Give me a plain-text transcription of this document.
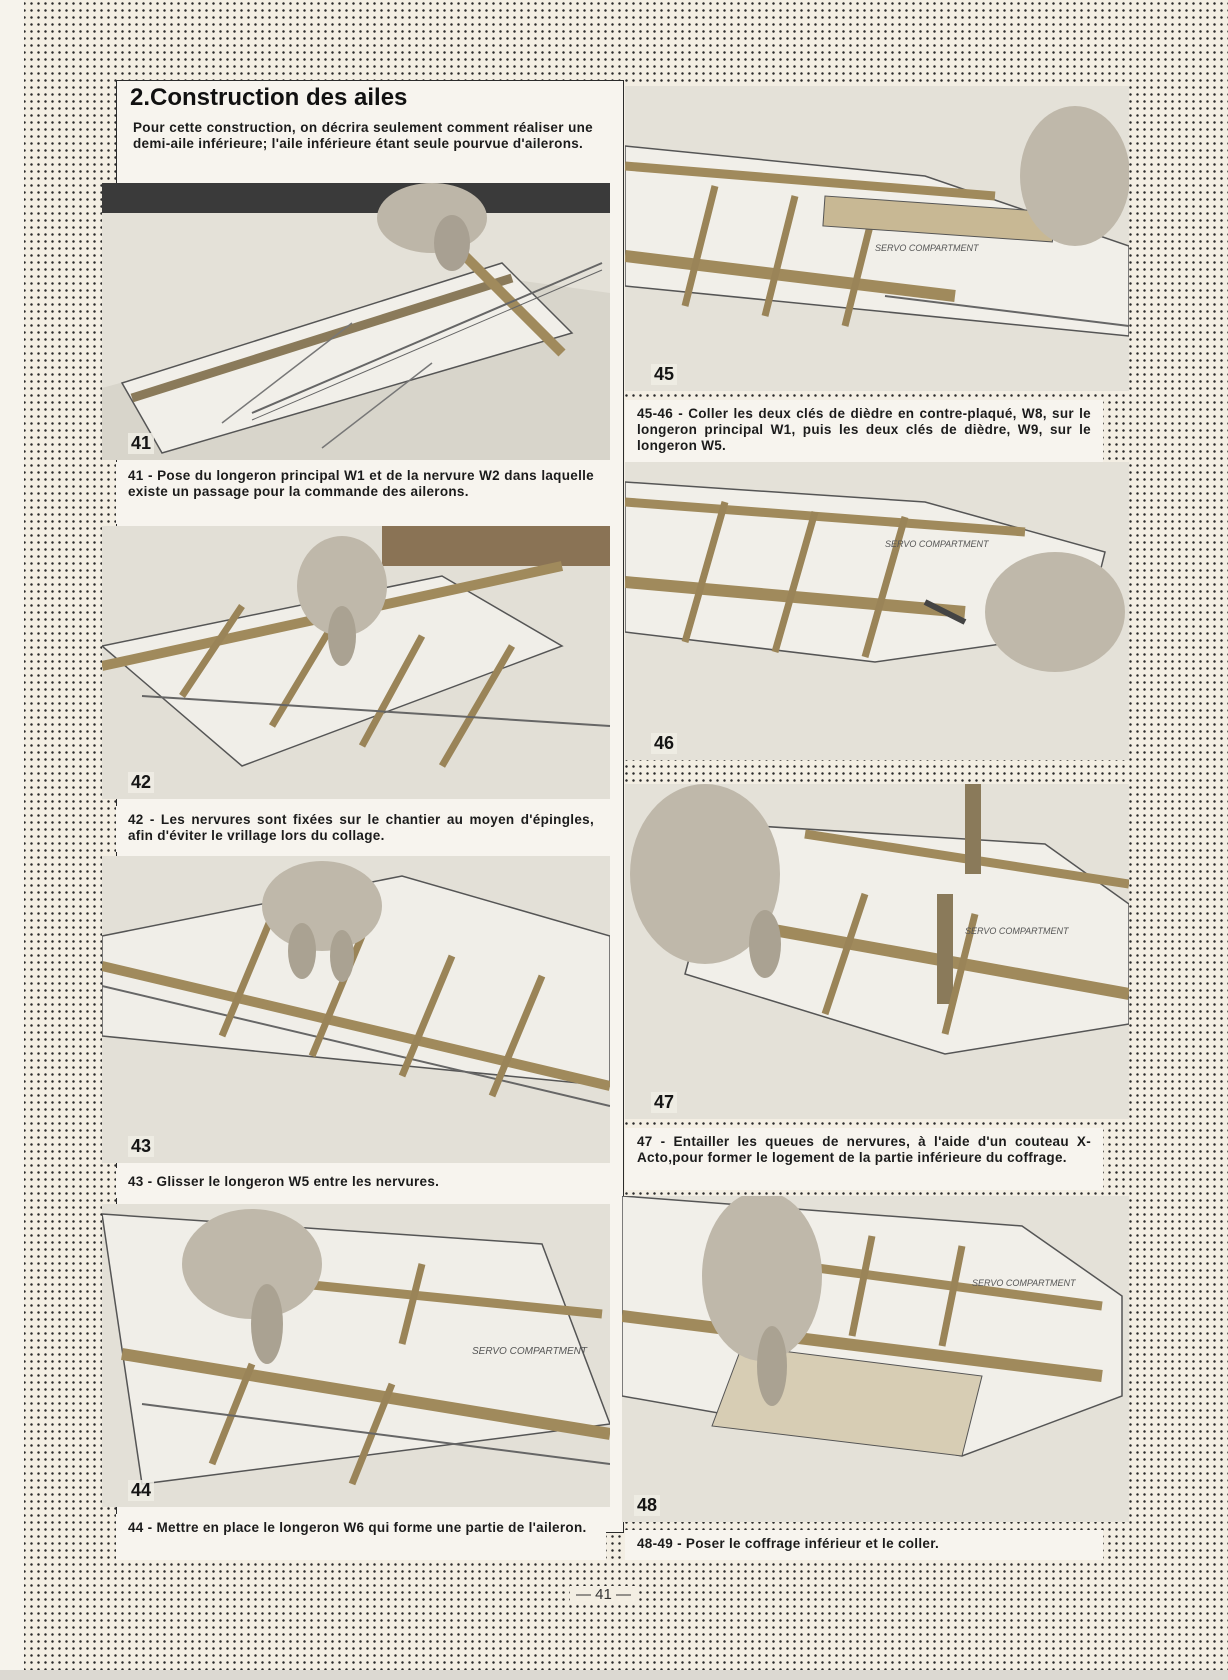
2.Construction des ailes
Pour cette construction, on décrira seulement comment réaliser une demi-aile inférieure; l'aile inférieure étant seule pourvue d'ailerons.
41
41 - Pose du longeron principal W1 et de la nervure W2 dans laquelle existe un passage pour la commande des ailerons.
42
42 - Les nervures sont fixées sur le chantier au moyen d'épingles, afin d'éviter le vrillage lors du collage.
43
43 - Glisser le longeron W5 entre les nervures.
SERVO COMPARTMENT
44
44 - Mettre en place le longeron W6 qui forme une partie de l'aileron.
SERVO COMPARTMENT
45
45-46 - Coller les deux clés de dièdre en contre-plaqué, W8, sur le longeron principal W1, puis les deux clés de dièdre, W9, sur le longeron W5.
SERVO COMPARTMENT
46
SERVO COMPARTMENT
47
47 - Entailler les queues de nervures, à l'aide d'un couteau X-Acto,pour former le logement de la partie inférieure du coffrage.
SERVO COMPARTMENT
48
48-49 - Poser le coffrage inférieur et le coller.
— 41 —
